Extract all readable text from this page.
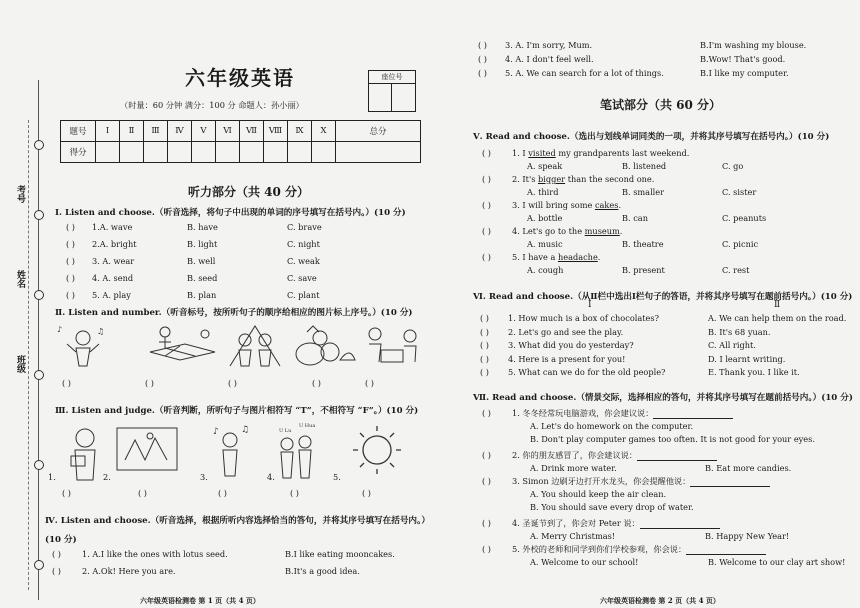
考号
姓名
班级
六年级英语
（时量：60 分钟 满分：100 分 命题人：孙小丽）
座位号
题号	Ⅰ	Ⅱ	Ⅲ	Ⅳ	Ⅴ	Ⅵ	Ⅶ	Ⅷ	Ⅸ	Ⅹ	总分
得分											
听力部分（共 40 分）
Ⅰ. Listen and choose.（听音选择，将句子中出现的单词的序号填写在括号内。）(10 分)
( ) 1.A. wave	B. have	C. brave
( ) 2.A. bright	B. light	C. night
( ) 3. A. wear	B. well	C. weak
( ) 4. A. send	B. seed	C. save
( ) 5. A. play	B. plan	C. plant
Ⅱ. Listen and number.（听音标号，按所听句子的顺序给相应的图片标上序号。）(10 分)
♪	♫
( )	( )	( )	( )	( )
Ⅲ. Listen and judge.（听音判断，所听句子与图片相符写 “T”，不相符写 “F”。）(10 分)
♪ ♫	U Lu
U Hua
1.	2.	3.	4.	5.
( )	( )	( )	( )	( )
Ⅳ. Listen and choose.（听音选择，根据所听内容选择恰当的答句，并将其序号填写在括号内。）(10 分)
( )	1. A.I like the ones with lotus seed.	B.I like eating mooncakes.
( )	2. A.Ok! Here you are.	B.It's a good idea.
六年级英语检测卷 第 1 页（共 4 页）
( ) 3. A. I'm sorry, Mum.	B.I'm washing my blouse.
( ) 4. A. I don't feel well.	B.Wow! That's good.
( ) 5. A. We can search for a lot of things.	B.I like my computer.
笔试部分（共 60 分）
Ⅴ. Read and choose.（选出与划线单词同类的一项，并将其序号填写在括号内。）(10 分)
( )	1. I visited my grandparents last weekend.
A. speak	B. listened	C. go
( )	2. It's bigger than the second one.
A. third	B. smaller	C. sister
( )	3. I will bring some cakes.
A. bottle	B. can	C. peanuts
( )	4. Let's go to the museum.
A. music	B. theatre	C. picnic
( )	5. I have a headache.
A. cough	B. present	C. rest
Ⅵ. Read and choose.（从Ⅱ栏中选出Ⅰ栏句子的答语，并将其序号填写在题前括号内。）(10 分)
Ⅰ	Ⅱ
( ) 1. How much is a box of chocolates?	A. We can help them on the road.
( ) 2. Let's go and see the play.	B. It's 68 yuan.
( ) 3. What did you do yesterday?	C. All right.
( ) 4. Here is a present for you!	D. I learnt writing.
( ) 5. What can we do for the old people?	E. Thank you. I like it.
Ⅶ. Read and choose.（情景交际，选择相应的答句，并将其序号填写在题前括号内。）(10 分)
( )	1. 冬冬经常玩电脑游戏，你会建议说：
A. Let's do homework on the computer.
B. Don't play computer games too often. It is not good for your eyes.
( )	2. 你的朋友感冒了，你会建议说：
A. Drink more water.	B. Eat more candies.
( )	3. Simon 边刷牙边打开水龙头，你会提醒他说：
A. You should keep the air clean.
B. You should save every drop of water.
( )	4. 圣诞节到了，你会对 Peter 说：
A. Merry Christmas!	B. Happy New Year!
( )	5. 外校的老师和同学到你们学校参观，你会说：
A. Welcome to our school!	B. Welcome to our clay art show!
六年级英语检测卷 第 2 页（共 4 页）
